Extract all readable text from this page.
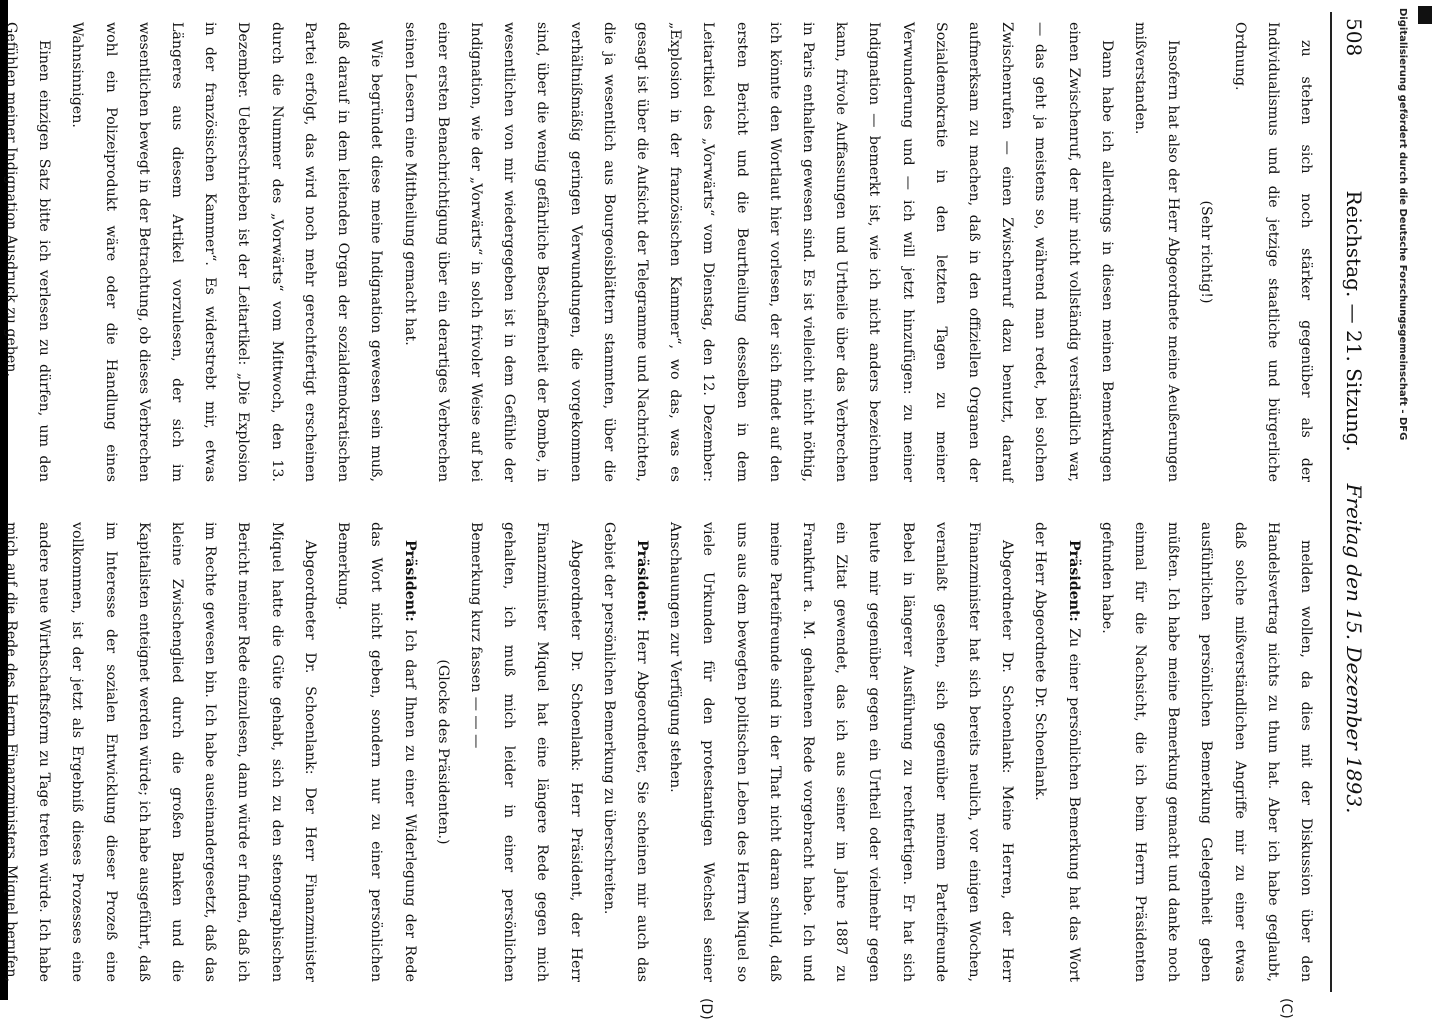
Digitalisierung gefördert durch die Deutsche Forschungsgemeinschaft - DFG
508
Reichstag. — 21. Sitzung.     Freitag den 15. Dezember 1893.
(C)
(D)

zu stehen sich noch stärker gegenüber als der Individualismus und die jetzige staatliche und bürgerliche Ordnung.

(Sehr richtig!)

Insofern hat also der Herr Abgeordnete meine Aeußerungen mißverstanden.

Dann habe ich allerdings in diesen meinen Bemerkungen einen Zwischenruf, der mir nicht vollständig verständlich war, — das geht ja meistens so, während man redet, bei solchen Zwischenrufen — einen Zwischenruf dazu benutzt, darauf aufmerksam zu machen, daß in den offiziellen Organen der Sozialdemokratie in den letzten Tagen zu meiner Verwunderung und — ich will jetzt hinzufügen: zu meiner Indignation — bemerkt ist, wie ich nicht anders bezeichnen kann, frivole Auffassungen und Urtheile über das Verbrechen in Paris enthalten gewesen sind. Es ist vielleicht nicht nöthig, ich könnte den Wortlaut hier vorlesen, der sich findet auf den ersten Bericht und die Beurtheilung desselben in dem Leitartikel des „Vorwärts“ vom Dienstag, den 12. Dezember: „Explosion in der französischen Kammer“, wo das, was es gesagt ist über die Aufsicht der Telegramme und Nachrichten, die ja wesentlich aus Bourgeoisblättern stammten, über die verhältnißmäßig geringen Verwundungen, die vorgekommen sind, über die wenig gefährliche Beschaffenheit der Bombe, in wesentlichen von mir wiedergegeben ist in dem Gefühle der Indignation, wie der „Vorwärts“ in solch frivoler Weise auf bei einer ersten Benachrichtigung über ein derartiges Verbrechen seinen Lesern eine Mittheilung gemacht hat.

Wie begründet diese meine Indignation gewesen sein muß, daß darauf in dem leitenden Organ der sozialdemokratischen Partei erfolgt, das wird noch mehr gerechtfertigt erscheinen durch die Nummer des „Vorwärts“ vom Mittwoch, den 13. Dezember. Ueberschrieben ist der Leitartikel: „Die Explosion in der französischen Kammer“. Es widerstrebt mir, etwas Längeres aus diesem Artikel vorzulesen, der sich im wesentlichen bewegt in der Betrachtung, ob dieses Verbrechen wohl ein Polizeiprodukt wäre oder die Handlung eines Wahnsinnigen.

Einen einzigen Satz bitte ich verlesen zu dürfen, um den Gefühlen meiner Indignation Ausdruck zu geben.

melden wollen, da dies mit der Diskussion über den Handelsvertrag nichts zu thun hat. Aber ich habe geglaubt, daß solche mißverständlichen Angriffe mir zu einer etwas ausführlichen persönlichen Bemerkung Gelegenheit geben müßten. Ich habe meine Bemerkung gemacht und danke noch einmal für die Nachsicht, die ich beim Herrn Präsidenten gefunden habe.

Präsident: Zu einer persönlichen Bemerkung hat das Wort der Herr Abgeordnete Dr. Schoenlank.

Abgeordneter Dr. Schoenlank: Meine Herren, der Herr Finanzminister hat sich bereits neulich, vor einigen Wochen, veranlaßt gesehen, sich gegenüber meinem Parteifreunde Bebel in längerer Ausführung zu rechtfertigen. Er hat sich heute mir gegenüber gegen ein Urtheil oder vielmehr gegen ein Zitat gewendet, das ich aus seiner im Jahre 1887 zu Frankfurt a. M. gehaltenen Rede vorgebracht habe. Ich und meine Parteifreunde sind in der That nicht daran schuld, daß uns aus dem bewegten politischen Leben des Herrn Miquel so viele Urkunden für den protestantigen Wechsel seiner Anschauungen zur Verfügung stehen.

Präsident: Herr Abgeordneter, Sie scheinen mir auch das Gebiet der persönlichen Bemerkung zu überschreiten.

Abgeordneter Dr. Schoenlank: Herr Präsident, der Herr Finanzminister Miquel hat eine längere Rede gegen mich gehalten, ich muß mich leider in einer persönlichen Bemerkung kurz fassen — — —

(Glocke des Präsidenten.)

Präsident: Ich darf Ihnen zu einer Widerlegung der Rede das Wort nicht geben, sondern nur zu einer persönlichen Bemerkung.

Abgeordneter Dr. Schoenlank: Der Herr Finanzminister Miquel hatte die Güte gehabt, sich zu den stenographischen Bericht meiner Rede einzulesen, dann würde er finden, daß ich im Rechte gewesen bin. Ich habe auseinandergesetzt, daß das kleine Zwischenglied durch die großen Banken und die Kapitalisten enteignet werden würde; ich habe ausgeführt, daß im Interesse der sozialen Entwicklung dieser Prozeß eine vollkommen, ist der jetzt als Ergebniß dieses Prozesses eine andere neue Wirthschaftsform zu Tage treten würde. Ich habe mich auf die Rede des Herrn Finanzministers Miquel berufen,
